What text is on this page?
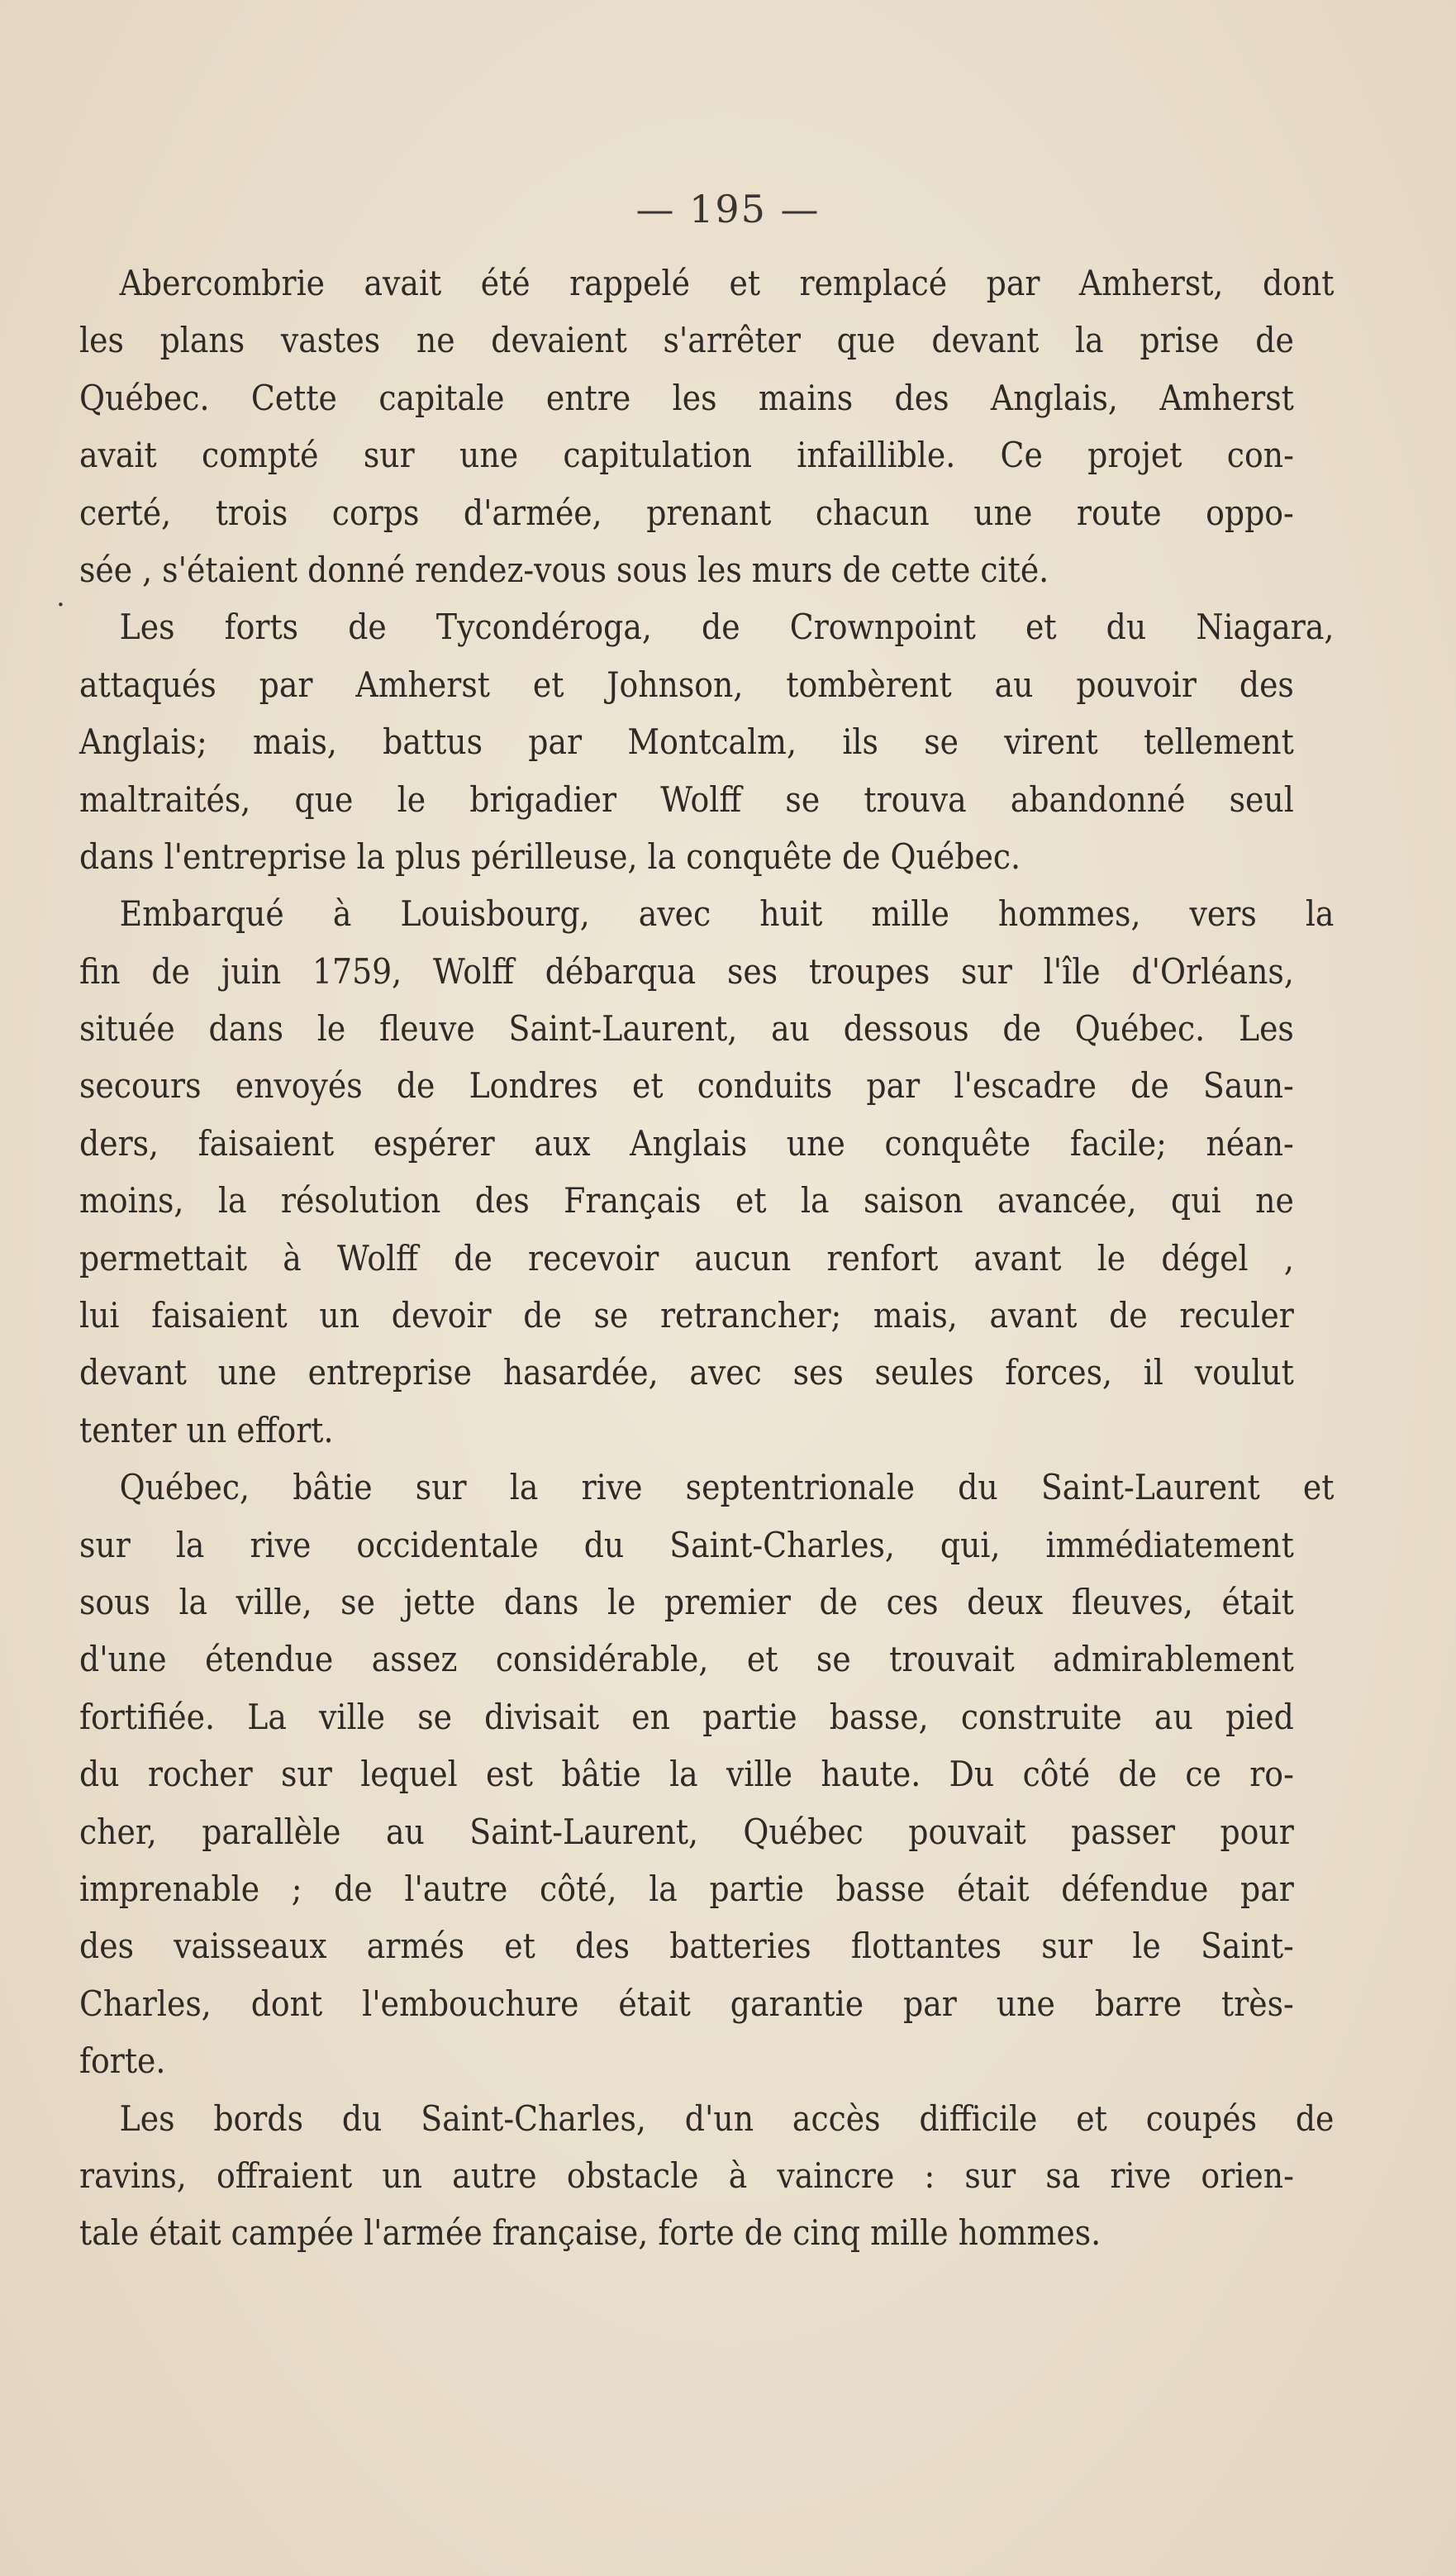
— 195 —
.
Abercombrie avait été rappelé et remplacé par Amherst, dont
les plans vastes ne devaient s'arrêter que devant la prise de
Québec. Cette capitale entre les mains des Anglais, Amherst
avait compté sur une capitulation infaillible. Ce projet con-
certé, trois corps d'armée, prenant chacun une route oppo-
sée , s'étaient donné rendez-vous sous les murs de cette cité.
Les forts de Tycondéroga, de Crownpoint et du Niagara,
attaqués par Amherst et Johnson, tombèrent au pouvoir des
Anglais; mais, battus par Montcalm, ils se virent tellement
maltraités, que le brigadier Wolff se trouva abandonné seul
dans l'entreprise la plus périlleuse, la conquête de Québec.
Embarqué à Louisbourg, avec huit mille hommes, vers la
fin de juin 1759, Wolff débarqua ses troupes sur l'île d'Orléans,
située dans le fleuve Saint-Laurent, au dessous de Québec. Les
secours envoyés de Londres et conduits par l'escadre de Saun-
ders, faisaient espérer aux Anglais une conquête facile; néan-
moins, la résolution des Français et la saison avancée, qui ne
permettait à Wolff de recevoir aucun renfort avant le dégel ,
lui faisaient un devoir de se retrancher; mais, avant de reculer
devant une entreprise hasardée, avec ses seules forces, il voulut
tenter un effort.
Québec, bâtie sur la rive septentrionale du Saint-Laurent et
sur la rive occidentale du Saint-Charles, qui, immédiatement
sous la ville, se jette dans le premier de ces deux fleuves, était
d'une étendue assez considérable, et se trouvait admirablement
fortifiée. La ville se divisait en partie basse, construite au pied
du rocher sur lequel est bâtie la ville haute. Du côté de ce ro-
cher, parallèle au Saint-Laurent, Québec pouvait passer pour
imprenable ; de l'autre côté, la partie basse était défendue par
des vaisseaux armés et des batteries flottantes sur le Saint-
Charles, dont l'embouchure était garantie par une barre très-
forte.
Les bords du Saint-Charles, d'un accès difficile et coupés de
ravins, offraient un autre obstacle à vaincre : sur sa rive orien-
tale était campée l'armée française, forte de cinq mille hommes.
